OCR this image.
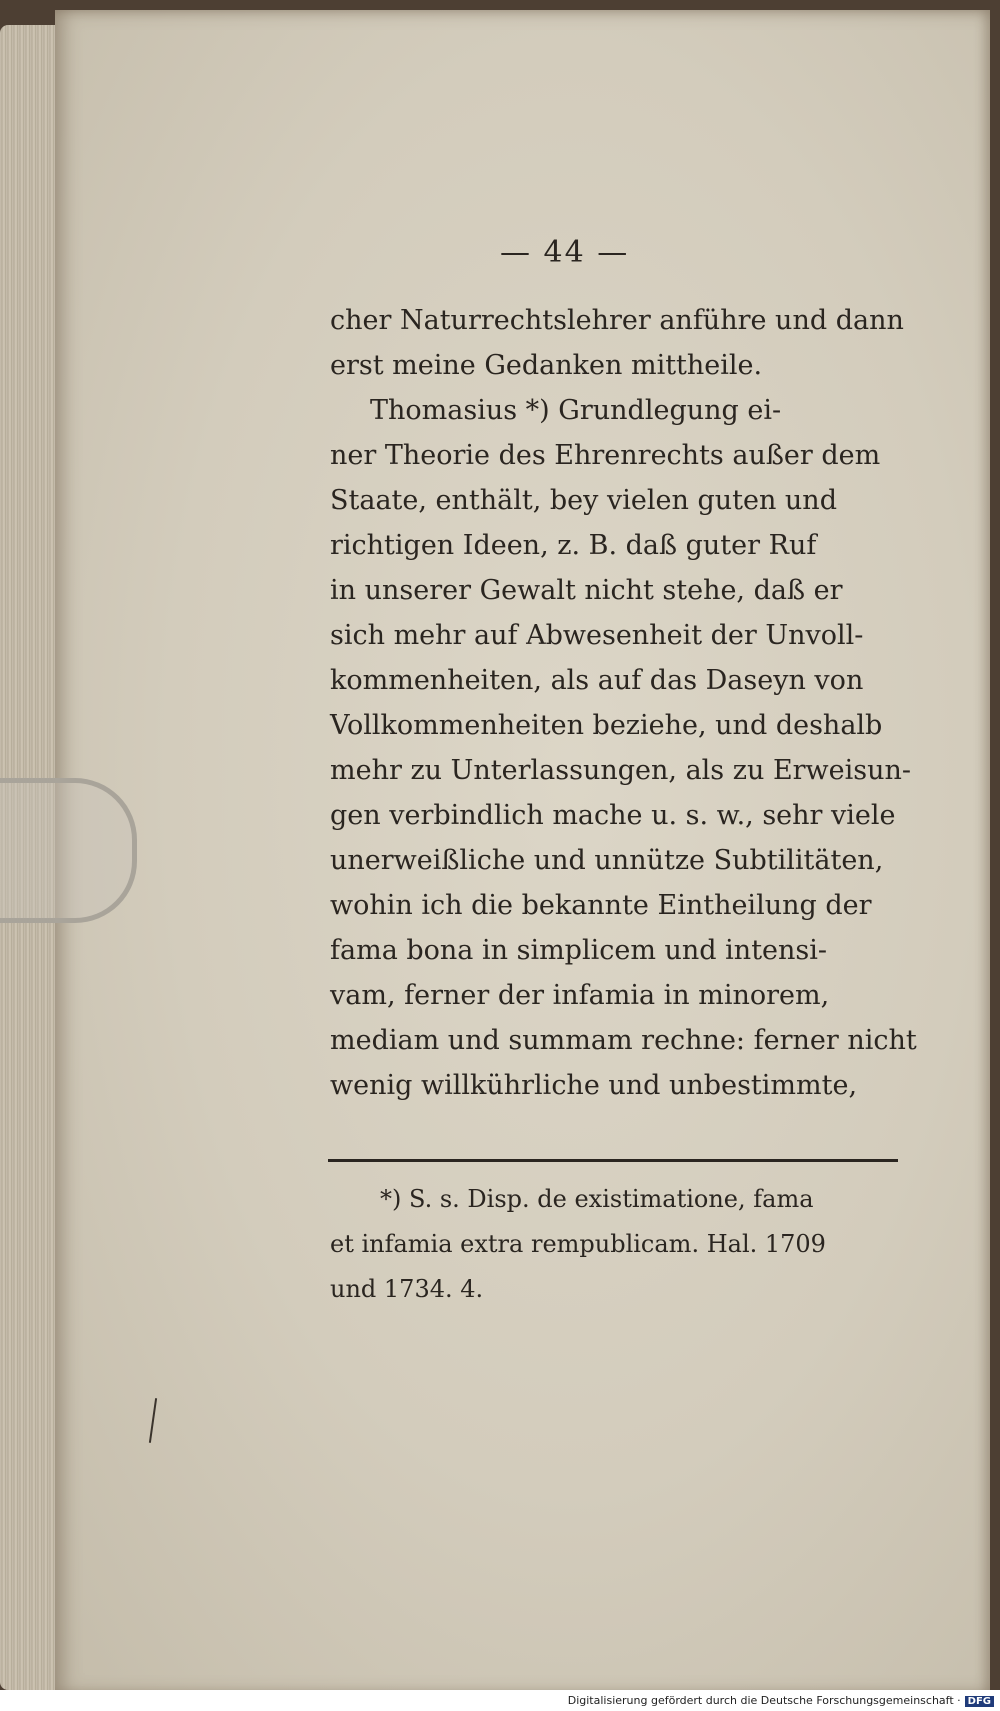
— 44 —
cher Naturrechtslehrer anführe und dann
erst meine Gedanken mittheile.
Thomasius *) Grundlegung ei-
ner Theorie des Ehrenrechts außer dem
Staate, enthält, bey vielen guten und
richtigen Ideen, z. B. daß guter Ruf
in unserer Gewalt nicht stehe, daß er
sich mehr auf Abwesenheit der Unvoll-
kommenheiten, als auf das Daseyn von
Vollkommenheiten beziehe, und deshalb
mehr zu Unterlassungen, als zu Erweisun-
gen verbindlich mache u. s. w., sehr viele
unerweißliche und unnütze Subtilitäten,
wohin ich die bekannte Eintheilung der
fama bona in simplicem und intensi-
vam, ferner der infamia in minorem,
mediam und summam rechne: ferner nicht
wenig willkührliche und unbestimmte,
*) S. s. Disp. de existimatione, fama
et infamia extra rempublicam. Hal. 1709
und 1734. 4.
Digitalisierung gefördert durch die Deutsche Forschungsgemeinschaft · DFG
